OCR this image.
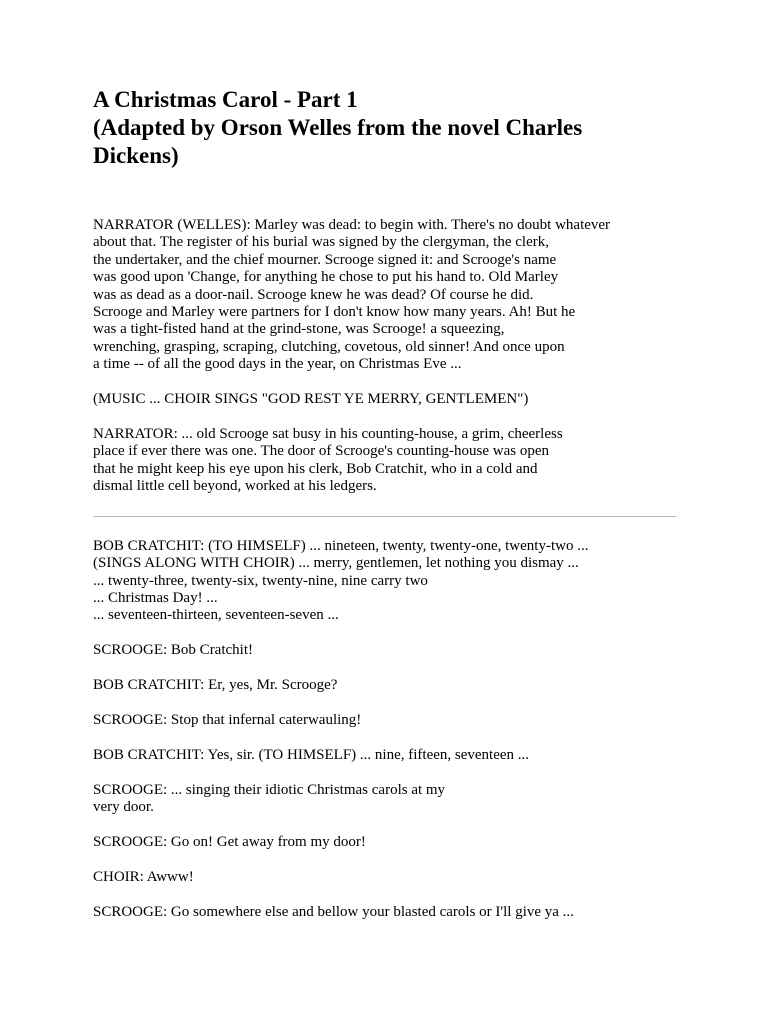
A Christmas Carol - Part 1
(Adapted by Orson Welles from the novel Charles
Dickens)

NARRATOR (WELLES): Marley was dead: to begin with. There's no doubt whatever
about that. The register of his burial was signed by the clergyman, the clerk,
the undertaker, and the chief mourner. Scrooge signed it: and Scrooge's name
was good upon 'Change, for anything he chose to put his hand to. Old Marley
was as dead as a door-nail. Scrooge knew he was dead? Of course he did.
Scrooge and Marley were partners for I don't know how many years. Ah! But he
was a tight-fisted hand at the grind-stone, was Scrooge! a squeezing,
wrenching, grasping, scraping, clutching, covetous, old sinner! And once upon
a time -- of all the good days in the year, on Christmas Eve ...

(MUSIC ... CHOIR SINGS "GOD REST YE MERRY, GENTLEMEN")

NARRATOR: ... old Scrooge sat busy in his counting-house, a grim, cheerless
place if ever there was one. The door of Scrooge's counting-house was open
that he might keep his eye upon his clerk, Bob Cratchit, who in a cold and
dismal little cell beyond, worked at his ledgers.

BOB CRATCHIT: (TO HIMSELF) ... nineteen, twenty, twenty-one, twenty-two ...
(SINGS ALONG WITH CHOIR) ... merry, gentlemen, let nothing you dismay ...
... twenty-three, twenty-six, twenty-nine, nine carry two
... Christmas Day! ...
... seventeen-thirteen, seventeen-seven ...

SCROOGE: Bob Cratchit!

BOB CRATCHIT: Er, yes, Mr. Scrooge?

SCROOGE: Stop that infernal caterwauling!

BOB CRATCHIT: Yes, sir. (TO HIMSELF) ... nine, fifteen, seventeen ...

SCROOGE: ... singing their idiotic Christmas carols at my
very door.

SCROOGE: Go on! Get away from my door!

CHOIR: Awww!

SCROOGE: Go somewhere else and bellow your blasted carols or I'll give ya ...
